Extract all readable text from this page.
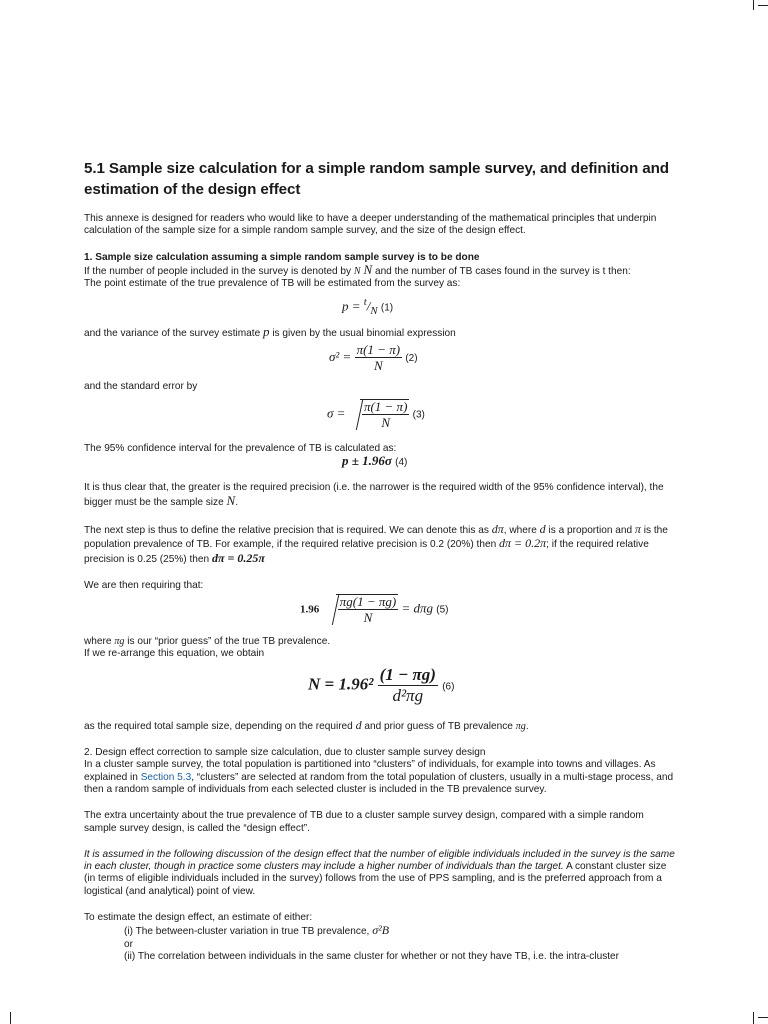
5.1 Sample size calculation for a simple random sample survey, and definition and estimation of the design effect

This annexe is designed for readers who would like to have a deeper understanding of the mathematical principles that underpin calculation of the sample size for a simple random sample survey, and the size of the design effect.

1. Sample size calculation assuming a simple random sample survey is to be done

If the number of people included in the survey is denoted by N N and the number of TB cases found in the survey is t then:

The point estimate of the true prevalence of TB will be estimated from the survey as:

$p = ^t/_N$ (1)

and the variance of the survey estimate p is given by the usual binomial expression

$\sigma^2 = \frac{\pi(1 - \pi)}{N} (2)$

and the standard error by

$\sigma = \frac{\pi(1 - \pi)}{N} (3)$

The 95% confidence interval for the prevalence of TB is calculated as:

p ± 1.96σ (4)

It is thus clear that, the greater is the required precision (i.e. the narrower is the required width of the 95% confidence interval), the bigger must be the sample size N.

The next step is thus to define the relative precision that is required. We can denote this as dπ, where d is a proportion and π is the population prevalence of TB. For example, if the required relative precision is 0.2 (20%) then dπ = 0.2π; if the required relative precision is 0.25 (25%) then dπ = 0.25π

We are then requiring that:

$1.96 \frac{\pi g(1 - \pi g)}{N} = d\pi g$ (5)

where πg is our “prior guess” of the true TB prevalence.

If we re-arrange this equation, we obtain

$N = 1.96^2 \frac{(1 - \pi g)}{\text{d²πg}} (6)$

as the required total sample size, depending on the required d and prior guess of TB prevalence πg.

2. Design effect correction to sample size calculation, due to cluster sample survey design

In a cluster sample survey, the total population is partitioned into “clusters” of individuals, for example into towns and villages. As explained in Section 5.3, “clusters” are selected at random from the total population of clusters, usually in a multi-stage process, and then a random sample of individuals from each selected cluster is included in the TB prevalence survey.

The extra uncertainty about the true prevalence of TB due to a cluster sample survey design, compared with a simple random sample survey design, is called the “design effect”.

It is assumed in the following discussion of the design effect that the number of eligible individuals included in the survey is the same in each cluster, though in practice some clusters may include a higher number of individuals than the target. A constant cluster size (in terms of eligible individuals included in the survey) follows from the use of PPS sampling, and is the preferred approach from a logistical (and analytical) point of view.

To estimate the design effect, an estimate of either:

(i) The between-cluster variation in true TB prevalence, σ²B

or

(ii) The correlation between individuals in the same cluster for whether or not they have TB, i.e. the intra-cluster
